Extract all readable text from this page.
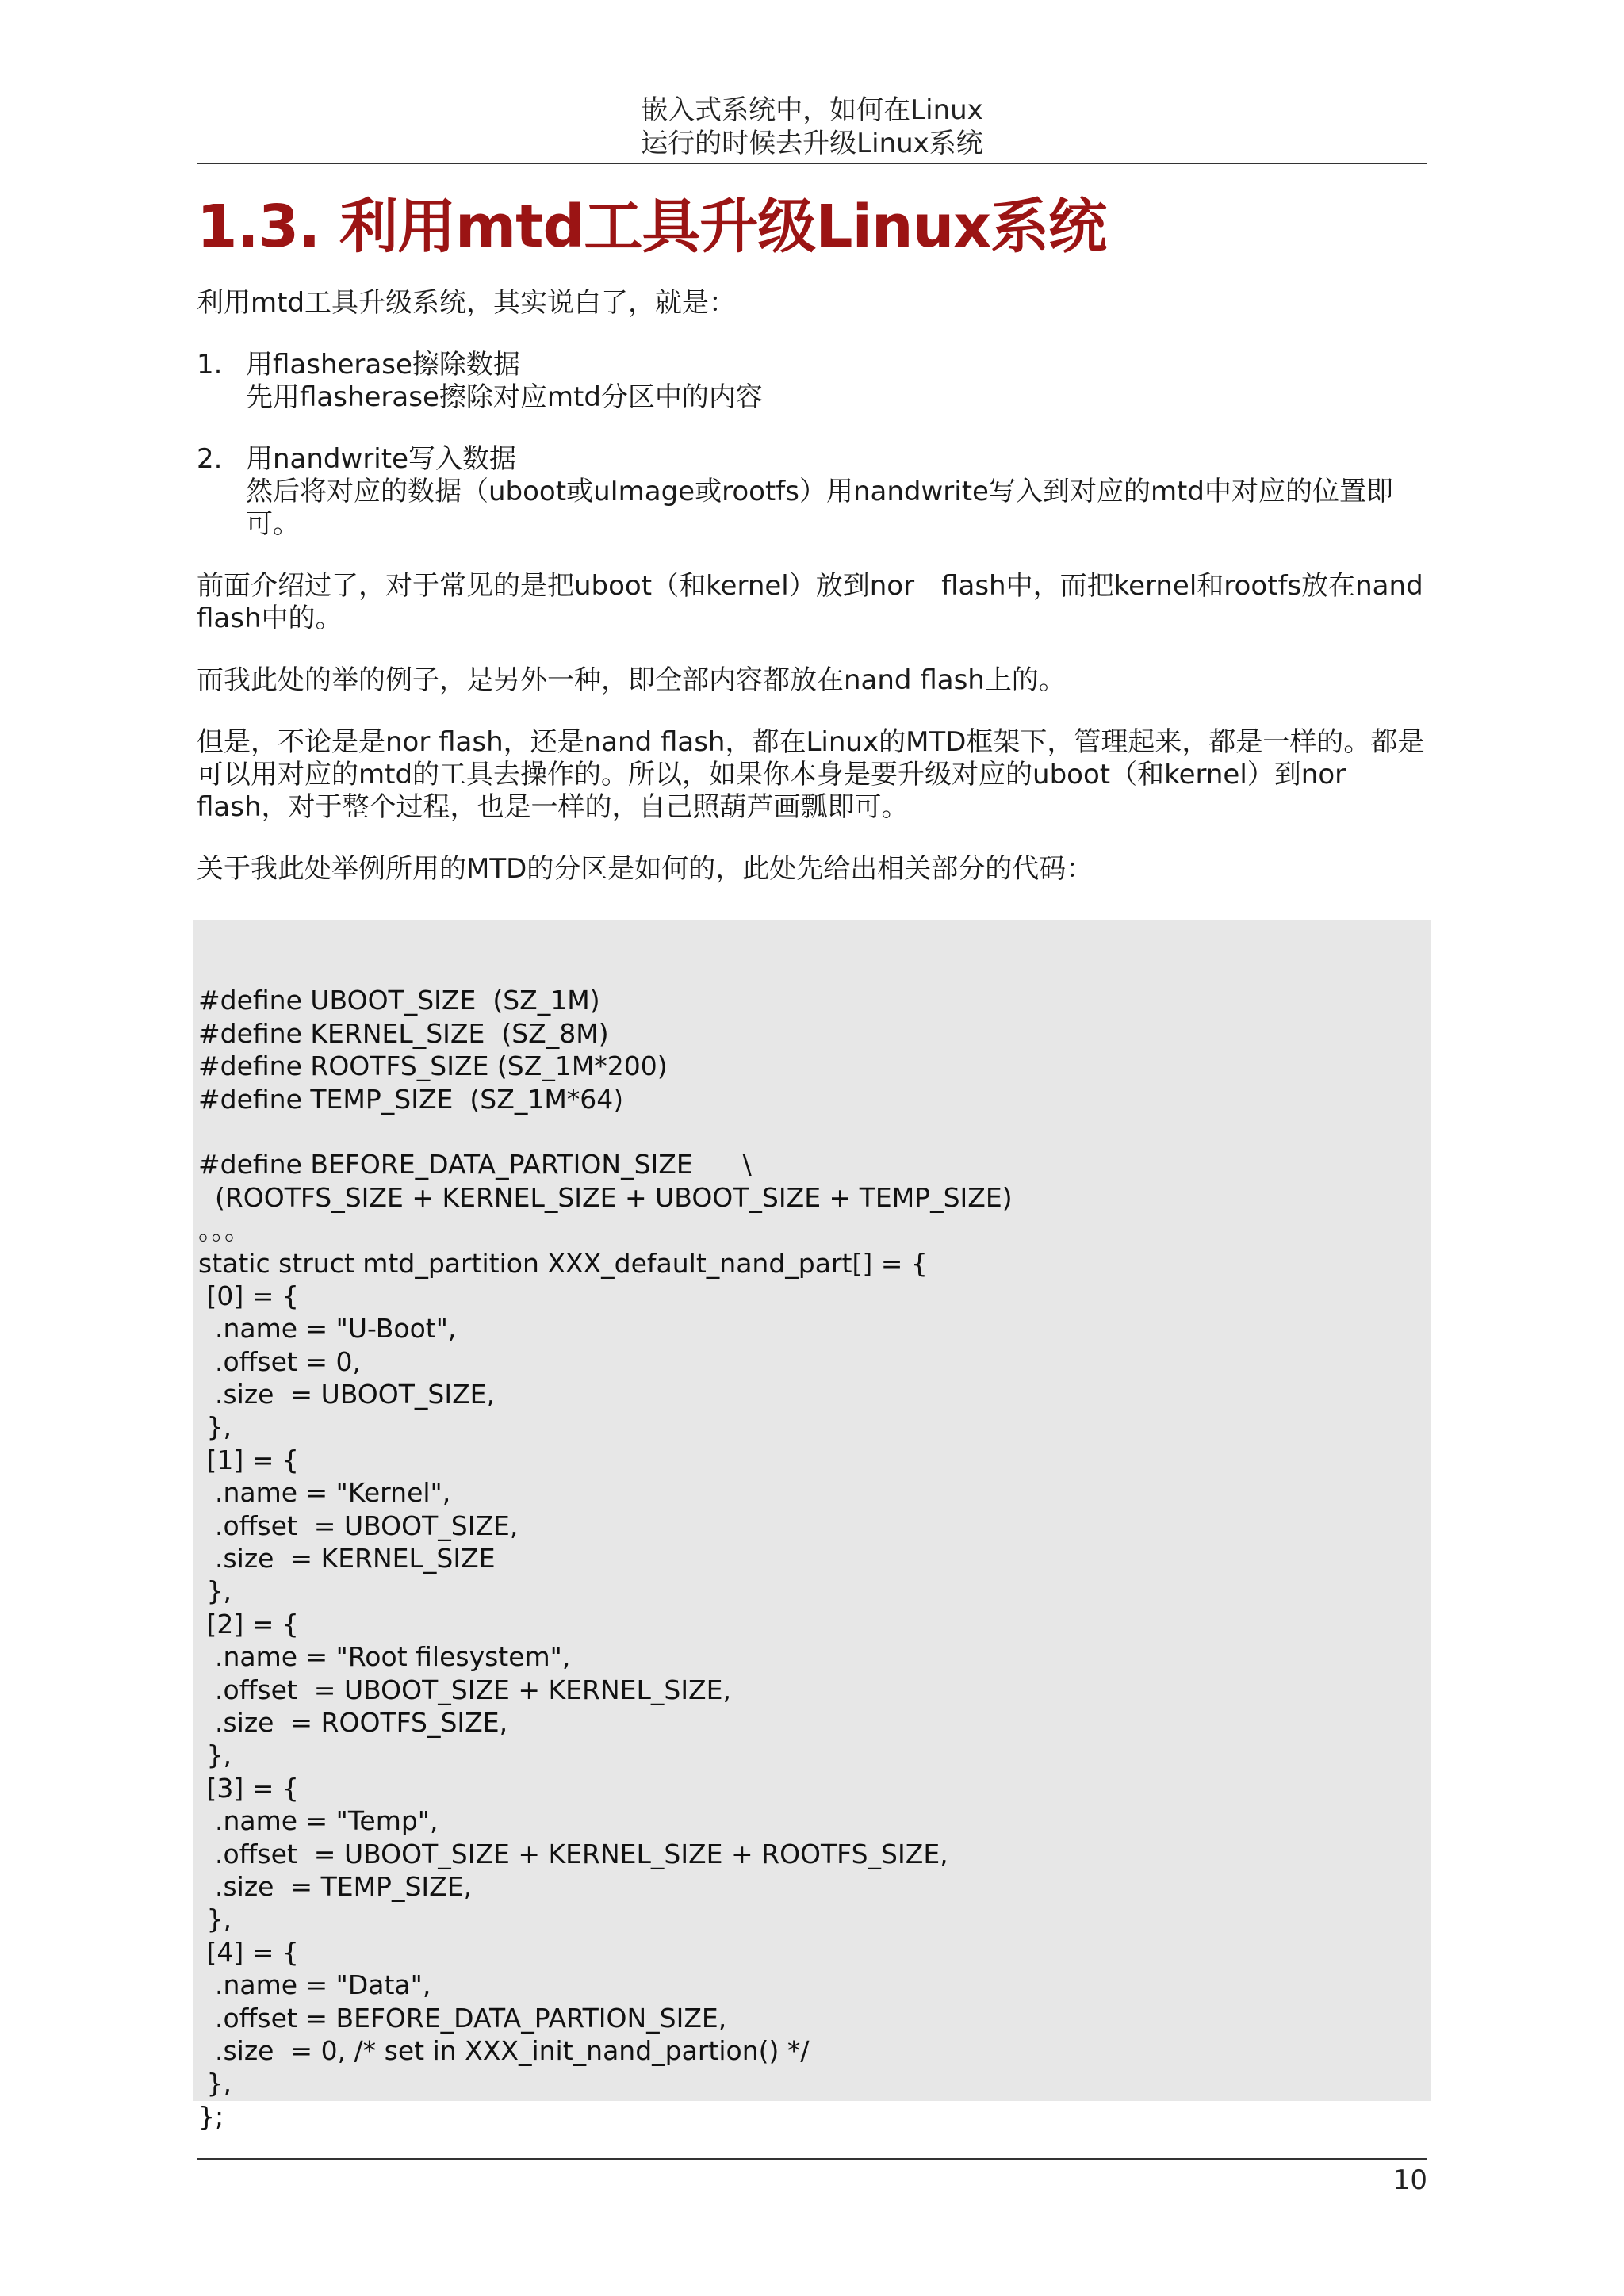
嵌入式系统中，如何在Linux
运行的时候去升级Linux系统
1.3. 利用mtd工具升级Linux系统

利用mtd工具升级系统，其实说白了，就是：

1. 用flasherase擦除数据
先用flasherase擦除对应mtd分区中的内容
2. 用nandwrite写入数据
然后将对应的数据（uboot或uImage或rootfs）用nandwrite写入到对应的mtd中对应的位置即可。

前面介绍过了，对于常见的是把uboot（和kernel）放到nor　flash中，而把kernel和rootfs放在nand flash中的。

而我此处的举的例子，是另外一种，即全部内容都放在nand flash上的。

但是，不论是是nor flash，还是nand flash，都在Linux的MTD框架下，管理起来，都是一样的。都是可以用对应的mtd的工具去操作的。所以，如果你本身是要升级对应的uboot（和kernel）到nor flash，对于整个过程，也是一样的，自己照葫芦画瓢即可。

关于我此处举例所用的MTD的分区是如何的，此处先给出相关部分的代码：

#define UBOOT_SIZE  (SZ_1M)
#define KERNEL_SIZE  (SZ_8M)
#define ROOTFS_SIZE (SZ_1M*200)
#define TEMP_SIZE  (SZ_1M*64)
#define BEFORE_DATA_PARTION_SIZE      \
(ROOTFS_SIZE + KERNEL_SIZE + UBOOT_SIZE + TEMP_SIZE)
。。。
static struct mtd_partition XXX_default_nand_part[] = {
[0] = {
.name = "U-Boot",
.offset = 0,
.size  = UBOOT_SIZE,
},
[1] = {
.name = "Kernel",
.offset  = UBOOT_SIZE,
.size  = KERNEL_SIZE
},
[2] = {
.name = "Root filesystem",
.offset  = UBOOT_SIZE + KERNEL_SIZE,
.size  = ROOTFS_SIZE,
},
[3] = {
.name = "Temp",
.offset  = UBOOT_SIZE + KERNEL_SIZE + ROOTFS_SIZE,
.size  = TEMP_SIZE,
},
[4] = {
.name = "Data",
.offset = BEFORE_DATA_PARTION_SIZE,
.size  = 0, /* set in XXX_init_nand_partion() */
},
};
10
